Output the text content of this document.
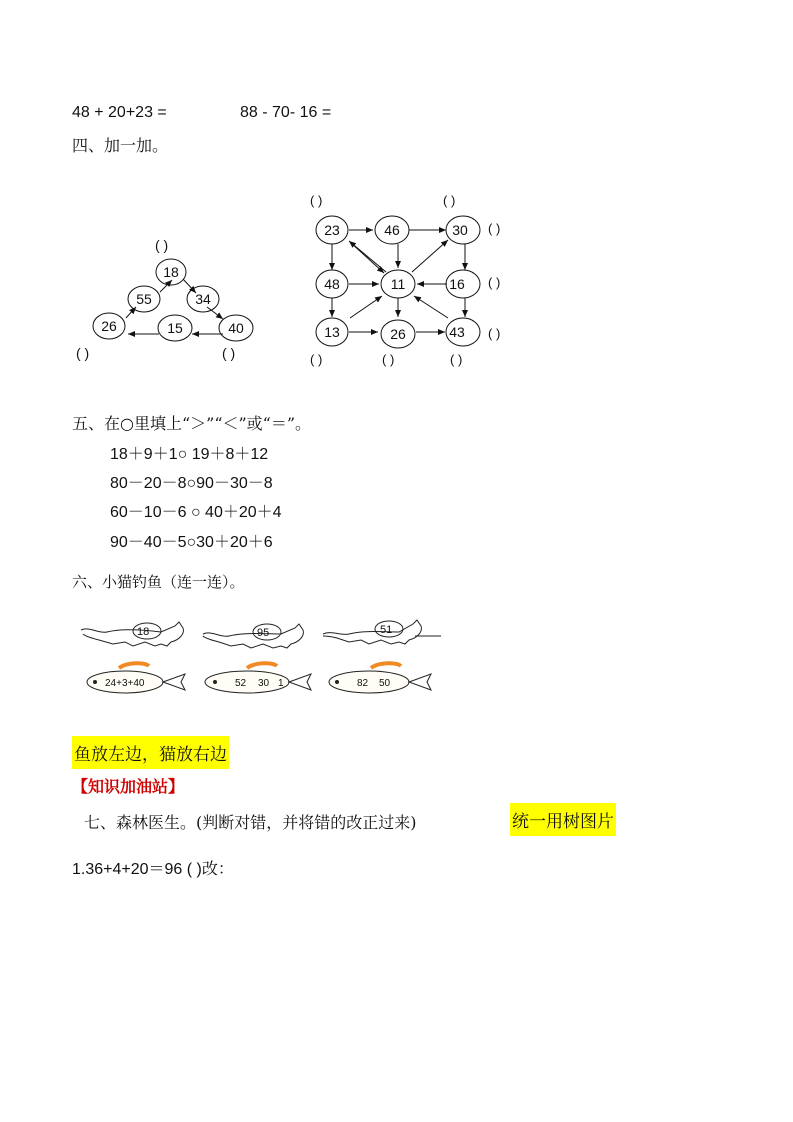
48 + 20+23 =	88 - 70- 16 =
四、加一加。
18
55	34
26	15	40
( )
( )	( )
23	46	30
48	11	16
13	26	43
( )	( )
( )
( )
( )
( )	( )	( )
五、在○里填上“＞”“＜”或“＝”。
18＋9＋1○ 19＋8＋12
80－20－8○90－30－8
60－10－6 ○ 40＋20＋4
90－40－5○30＋20＋6
六、小猫钓鱼（连一连）。
18	95	51
24+3+40	52 30 1	82 50
鱼放左边，猫放右边
【知识加油站】
七、森林医生。(判断对错，并将错的改正过来)	统一用树图片
1.36+4+20＝96 ( )改：
